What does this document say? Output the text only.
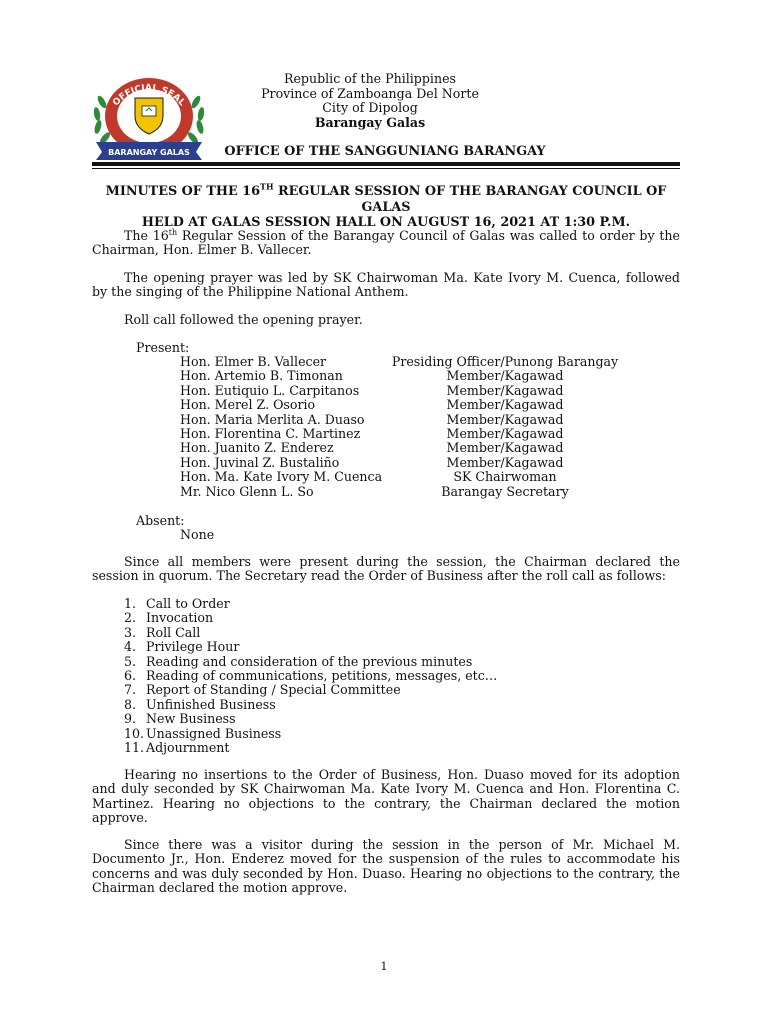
OFFICIAL SEAL
BARANGAY GALAS
Republic of the Philippines
Province of Zamboanga Del Norte
City of Dipolog
Barangay Galas
OFFICE OF THE SANGGUNIANG BARANGAY
MINUTES OF THE 16TH REGULAR SESSION OF THE BARANGAY COUNCIL OF GALAS
HELD AT GALAS SESSION HALL ON AUGUST 16, 2021 AT 1:30 P.M.
The 16th Regular Session of the Barangay Council of Galas was called to order by the Chairman, Hon. Elmer B. Vallecer.
The opening prayer was led by SK Chairwoman Ma. Kate Ivory M. Cuenca, followed by the singing of the Philippine National Anthem.
Roll call followed the opening prayer.
Present:
Hon. Elmer B. Vallecer	Presiding Officer/Punong Barangay
Hon. Artemio B. Timonan	Member/Kagawad
Hon. Eutiquio L. Carpitanos	Member/Kagawad
Hon. Merel Z. Osorio	Member/Kagawad
Hon. Maria Merlita A. Duaso	Member/Kagawad
Hon. Florentina C. Martinez	Member/Kagawad
Hon. Juanito Z. Enderez	Member/Kagawad
Hon. Juvinal Z. Bustaliño	Member/Kagawad
Hon. Ma. Kate Ivory M. Cuenca	SK Chairwoman
Mr. Nico Glenn L. So	Barangay Secretary
Absent:
None
Since all members were present during the session, the Chairman declared the session in quorum. The Secretary read the Order of Business after the roll call as follows:
1. Call to Order
2. Invocation
3. Roll Call
4. Privilege Hour
5. Reading and consideration of the previous minutes
6. Reading of communications, petitions, messages, etc…
7. Report of Standing / Special Committee
8. Unfinished Business
9. New Business
10. Unassigned Business
11. Adjournment
Hearing no insertions to the Order of Business, Hon. Duaso moved for its adoption and duly seconded by SK Chairwoman Ma. Kate Ivory M. Cuenca and Hon. Florentina C. Martinez. Hearing no objections to the contrary, the Chairman declared the motion approve.
Since there was a visitor during the session in the person of Mr. Michael M. Documento Jr., Hon. Enderez moved for the suspension of the rules to accommodate his concerns and was duly seconded by Hon. Duaso. Hearing no objections to the contrary, the Chairman declared the motion approve.
1
